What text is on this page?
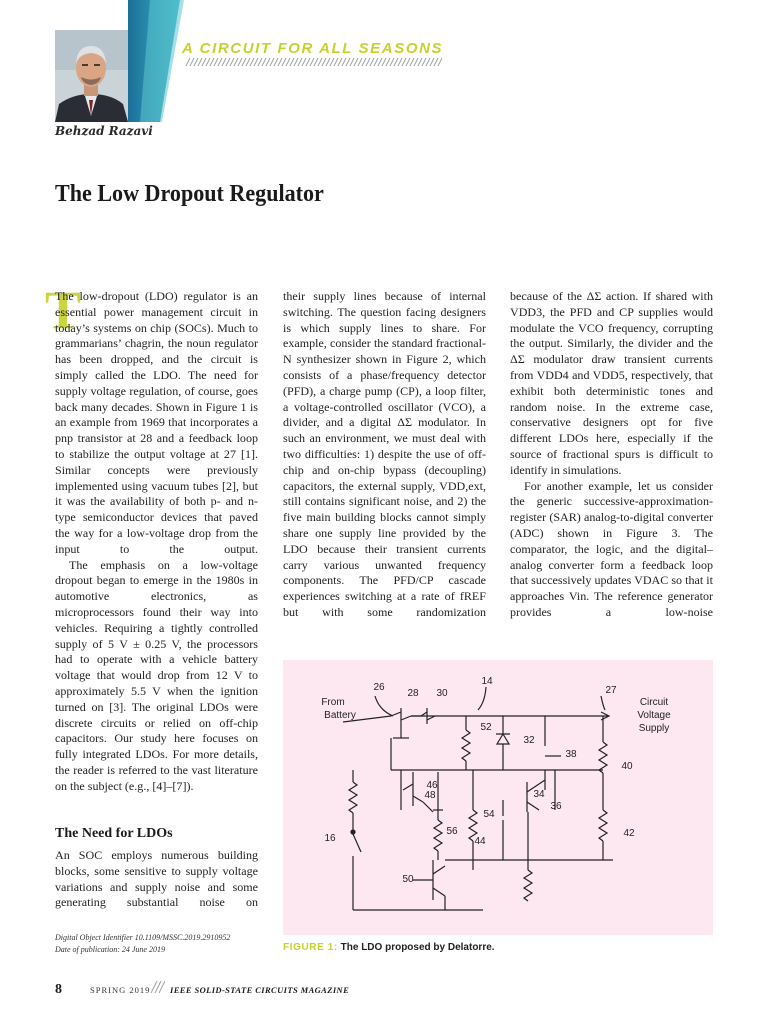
A CIRCUIT FOR ALL SEASONS
Behzad Razavi
The Low Dropout Regulator
T

The low-dropout (LDO) regulator is an essential power management circuit in today’s systems on chip (SOCs). Much to grammarians’ chagrin, the noun regulator has been dropped, and the circuit is simply called the LDO. The need for supply voltage regulation, of course, goes back many decades. Shown in Figure 1 is an example from 1969 that incorporates a pnp transistor at 28 and a feedback loop to stabilize the output voltage at 27 [1]. Similar concepts were previously implemented using vacuum tubes [2], but it was the availability of both p- and n-type semiconductor devices that paved the way for a low-voltage drop from the input to the output.

The emphasis on a low-voltage dropout began to emerge in the 1980s in automotive electronics, as microprocessors found their way into vehicles. Requiring a tightly controlled supply of 5 V ± 0.25 V, the processors had to operate with a vehicle battery voltage that would drop from 12 V to approximately 5.5 V when the ignition turned on [3]. The original LDOs were discrete circuits or relied on off-chip capacitors. Our study here focuses on fully integrated LDOs. For more details, the reader is referred to the vast literature on the subject (e.g., [4]–[7]).

The Need for LDOs

An SOC employs numerous building blocks, some sensitive to supply voltage variations and supply noise and some generating substantial noise on

their supply lines because of internal switching. The question facing designers is which supply lines to share. For example, consider the standard fractional-N synthesizer shown in Figure 2, which consists of a phase/frequency detector (PFD), a charge pump (CP), a loop filter, a voltage-controlled oscillator (VCO), a divider, and a digital ΔΣ modulator. In such an environment, we must deal with two difficulties: 1) despite the use of off-chip and on-chip bypass (decoupling) capacitors, the external supply, VDD,ext, still contains significant noise, and 2) the five main building blocks cannot simply share one supply line provided by the LDO because their transient currents carry various unwanted frequency components. The PFD/CP cascade experiences switching at a rate of fREF but with some randomization

because of the ΔΣ action. If shared with VDD3, the PFD and CP supplies would modulate the VCO frequency, corrupting the output. Similarly, the divider and the ΔΣ modulator draw transient currents from VDD4 and VDD5, respectively, that exhibit both deterministic tones and random noise. In the extreme case, conservative designers opt for five different LDOs here, especially if the source of fractional spurs is difficult to identify in simulations.

For another example, let us consider the generic successive-approximation-register (SAR) analog-to-digital converter (ADC) shown in Figure 3. The comparator, the logic, and the digital–analog converter form a feedback loop that successively updates VDAC so that it approaches Vin. The reference generator provides a low-noise

From
Battery
Circuit
Voltage
Supply
26
28 30
14
27
52
32
38
40
46
48	34
36
54
16
56
44
42
50
FIGURE 1: The LDO proposed by Delatorre.
Digital Object Identifier 10.1109/MSSC.2019.2910952
Date of publication: 24 June 2019
8	SPRING 2019 IEEE SOLID-STATE CIRCUITS MAGAZINE
